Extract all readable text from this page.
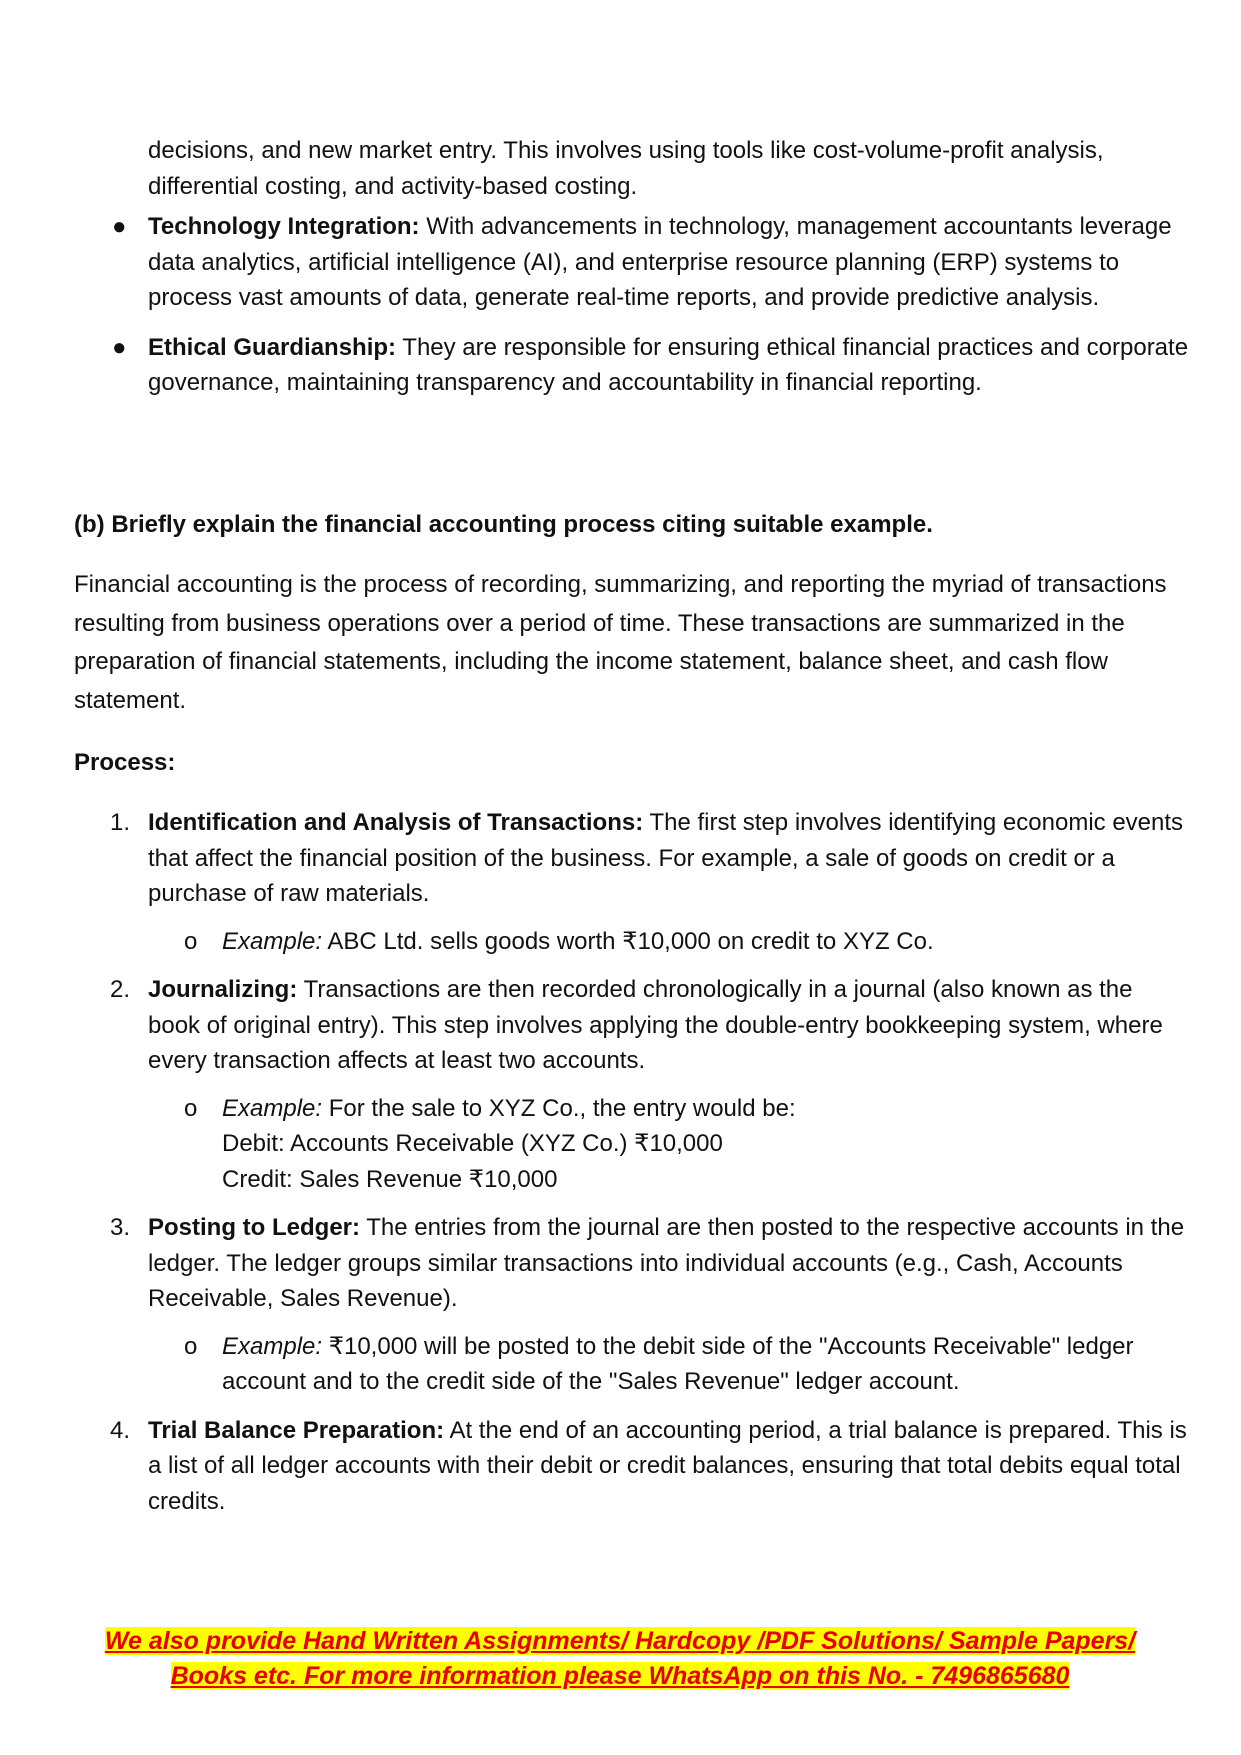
decisions, and new market entry. This involves using tools like cost-volume-profit analysis, differential costing, and activity-based costing.
● Technology Integration: With advancements in technology, management accountants leverage data analytics, artificial intelligence (AI), and enterprise resource planning (ERP) systems to process vast amounts of data, generate real-time reports, and provide predictive analysis.
● Ethical Guardianship: They are responsible for ensuring ethical financial practices and corporate governance, maintaining transparency and accountability in financial reporting.
(b) Briefly explain the financial accounting process citing suitable example.
Financial accounting is the process of recording, summarizing, and reporting the myriad of transactions resulting from business operations over a period of time. These transactions are summarized in the preparation of financial statements, including the income statement, balance sheet, and cash flow statement.
Process:
1. Identification and Analysis of Transactions: The first step involves identifying economic events that affect the financial position of the business. For example, a sale of goods on credit or a purchase of raw materials.
o Example: ABC Ltd. sells goods worth ₹10,000 on credit to XYZ Co.
2. Journalizing: Transactions are then recorded chronologically in a journal (also known as the book of original entry). This step involves applying the double-entry bookkeeping system, where every transaction affects at least two accounts.
o Example: For the sale to XYZ Co., the entry would be:
Debit: Accounts Receivable (XYZ Co.) ₹10,000
Credit: Sales Revenue ₹10,000
3. Posting to Ledger: The entries from the journal are then posted to the respective accounts in the ledger. The ledger groups similar transactions into individual accounts (e.g., Cash, Accounts Receivable, Sales Revenue).
o Example: ₹10,000 will be posted to the debit side of the "Accounts Receivable" ledger account and to the credit side of the "Sales Revenue" ledger account.
4. Trial Balance Preparation: At the end of an accounting period, a trial balance is prepared. This is a list of all ledger accounts with their debit or credit balances, ensuring that total debits equal total credits.
We also provide Hand Written Assignments/ Hardcopy /PDF Solutions/ Sample Papers/
Books etc. For more information please WhatsApp on this No. - 7496865680
